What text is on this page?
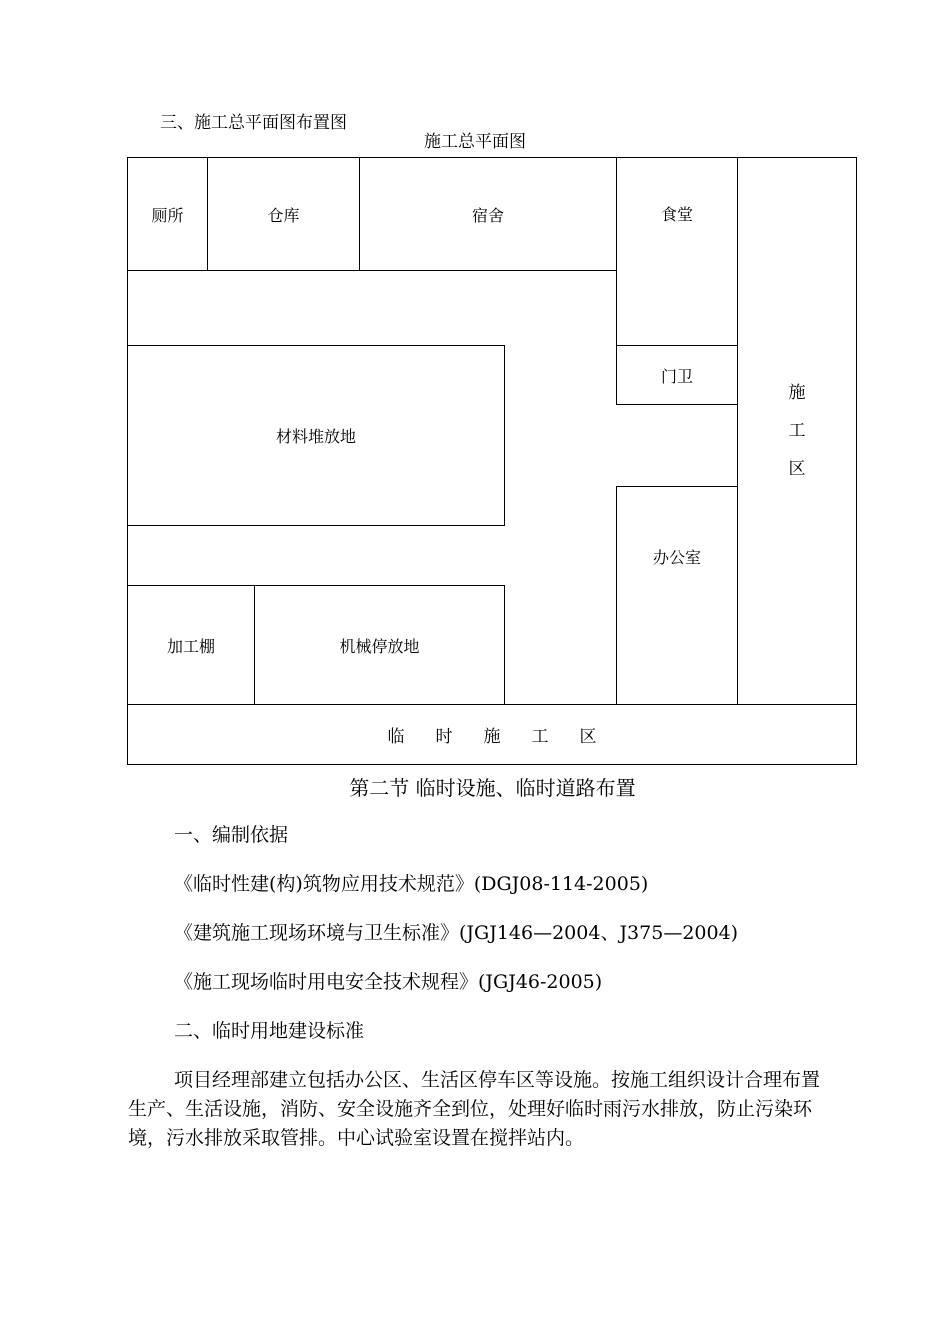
三、施工总平面图布置图
施工总平面图
厕所	仓库	宿舍	食堂
施
工
区
门卫
材料堆放地
办公室
加工棚	机械停放地
临	时	施	工	区
第二节 临时设施、临时道路布置
一、编制依据
《临时性建(构)筑物应用技术规范》(DGJ08-114-2005)
《建筑施工现场环境与卫生标准》(JGJ146—2004、J375—2004)
《施工现场临时用电安全技术规程》(JGJ46-2005)
二、临时用地建设标准
项目经理部建立包括办公区、生活区停车区等设施。按施工组织设计合理布置生产、生活设施，消防、安全设施齐全到位，处理好临时雨污水排放，防止污染环境，污水排放采取管排。中心试验室设置在搅拌站内。
